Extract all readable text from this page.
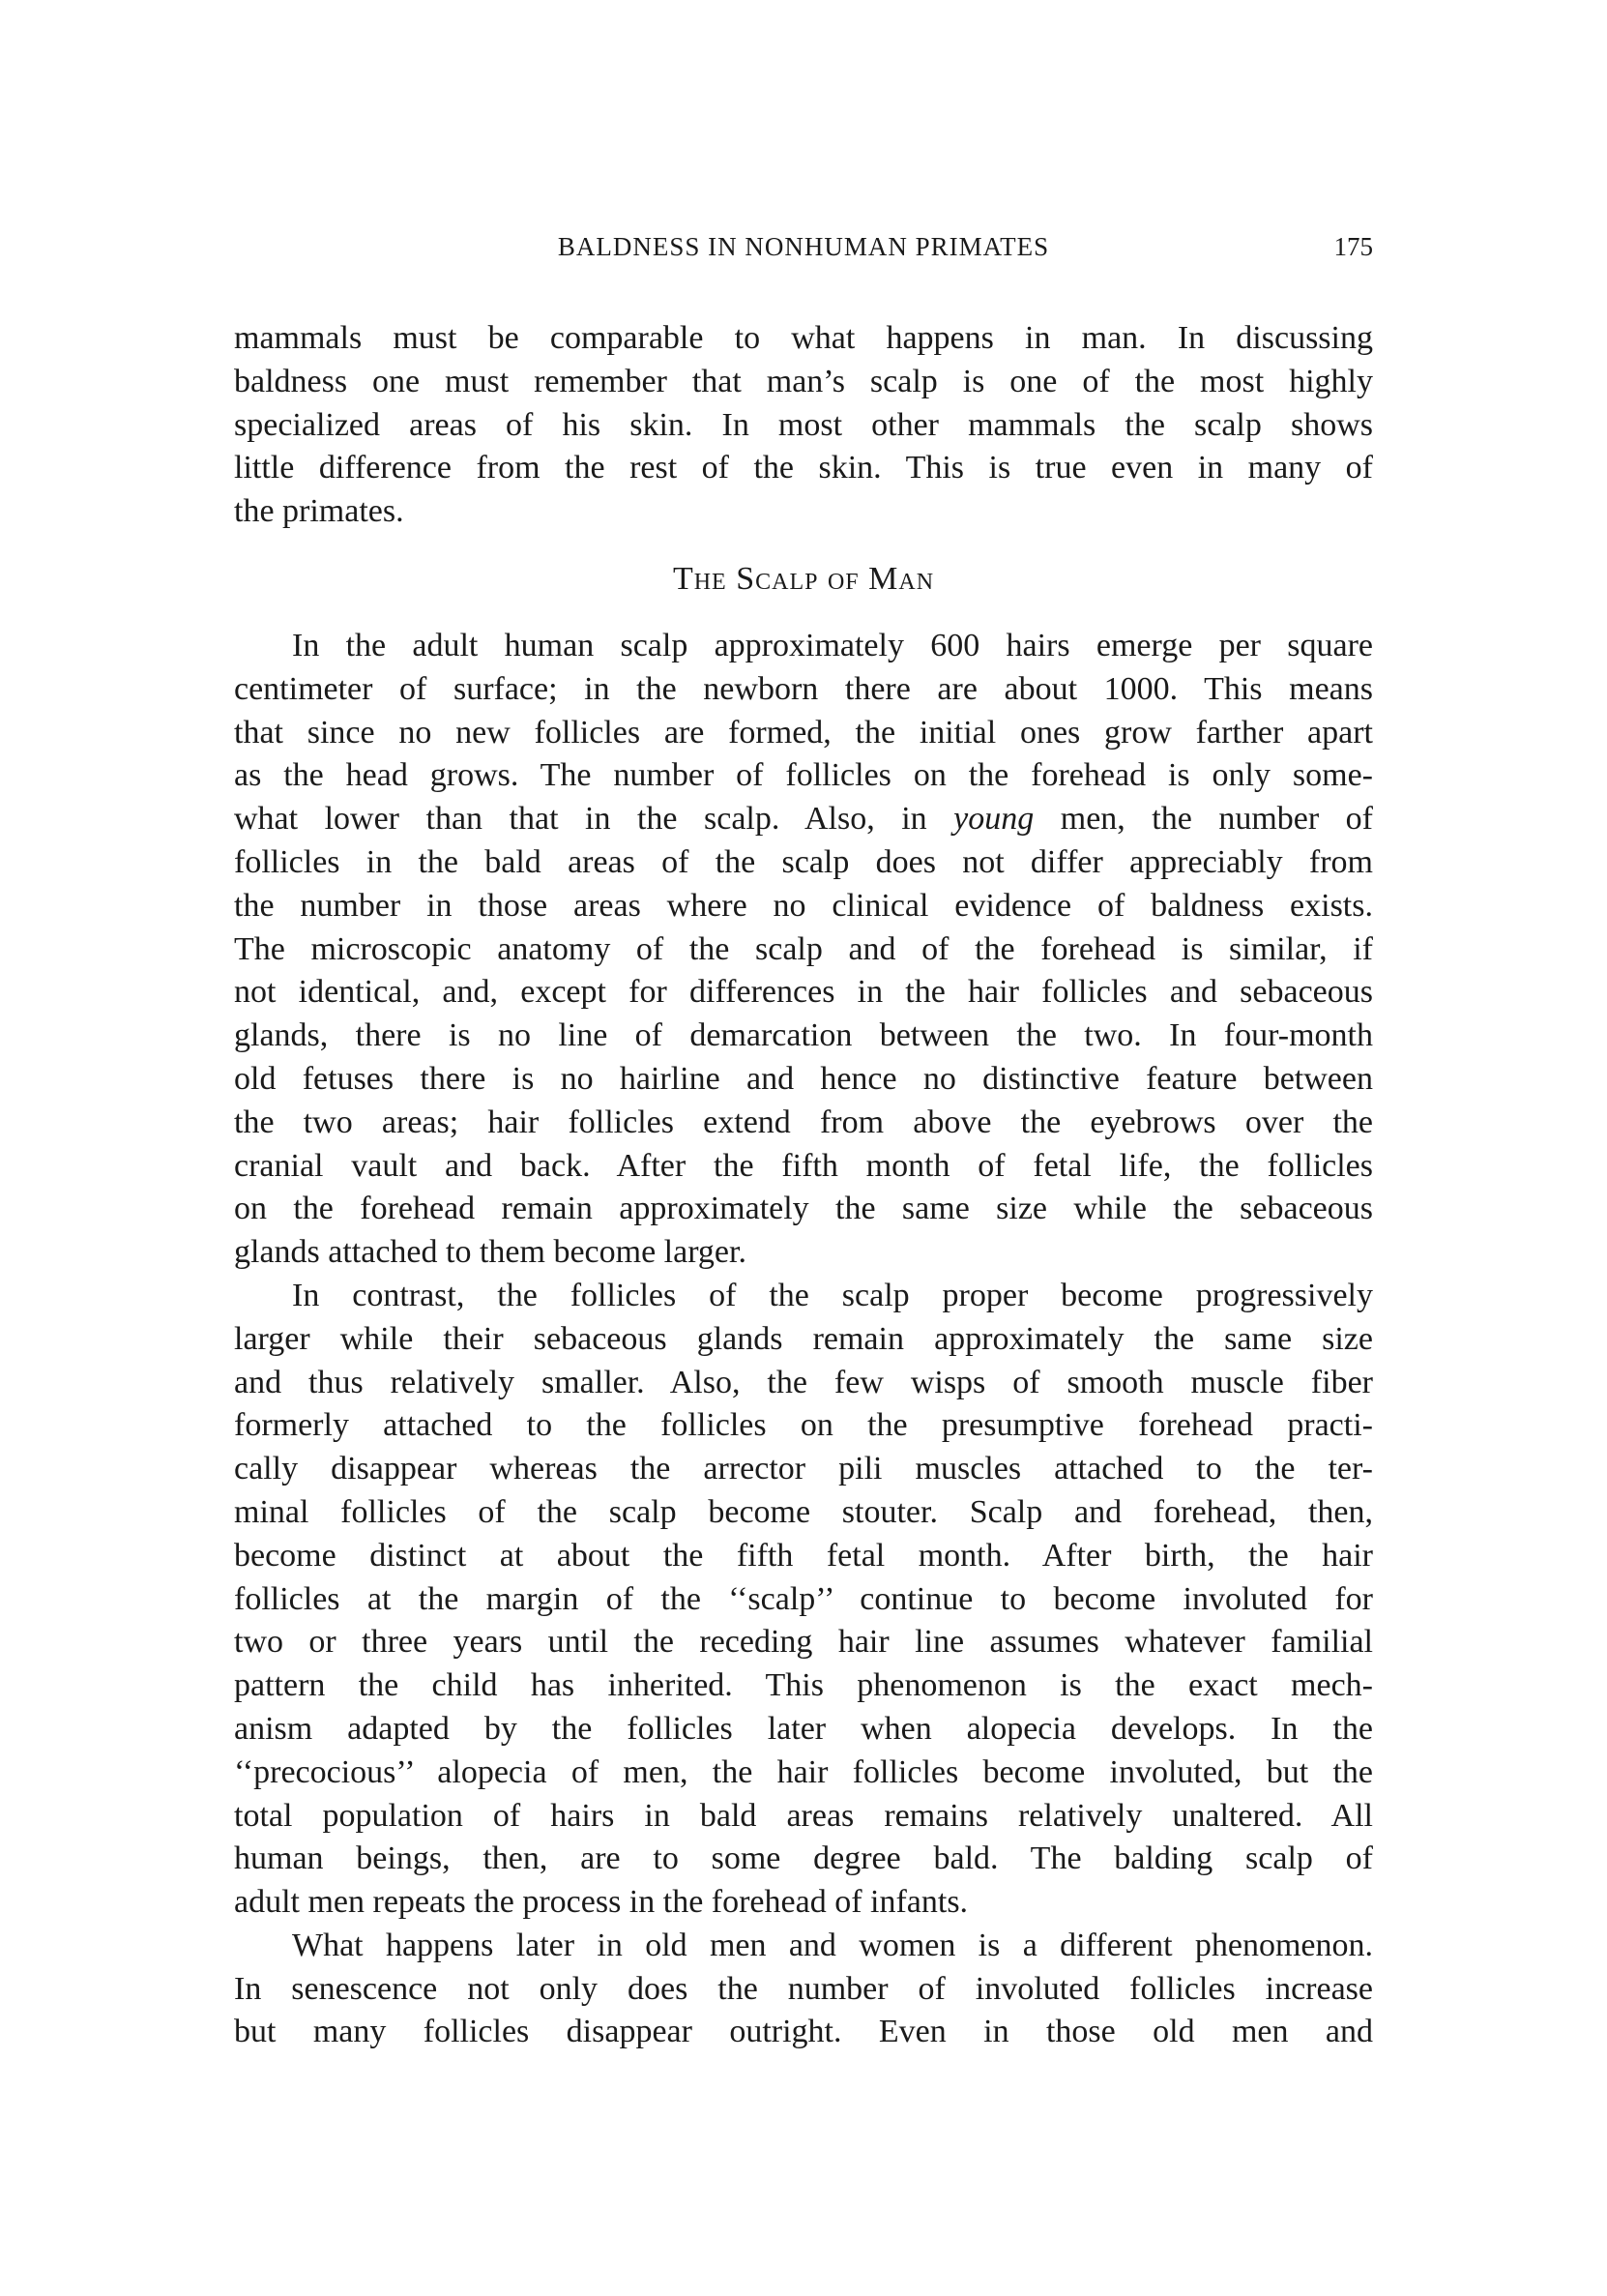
BALDNESS IN NONHUMAN PRIMATES	175
mammals must be comparable to what happens in man. In discussing
baldness one must remember that man’s scalp is one of the most highly
specialized areas of his skin. In most other mammals the scalp shows
little difference from the rest of the skin. This is true even in many of
the primates.
The Scalp of Man
In the adult human scalp approximately 600 hairs emerge per square
centimeter of surface; in the newborn there are about 1000. This means
that since no new follicles are formed, the initial ones grow farther apart
as the head grows. The number of follicles on the forehead is only some-
what lower than that in the scalp. Also, in young men, the number of
follicles in the bald areas of the scalp does not differ appreciably from
the number in those areas where no clinical evidence of baldness exists.
The microscopic anatomy of the scalp and of the forehead is similar, if
not identical, and, except for differences in the hair follicles and sebaceous
glands, there is no line of demarcation between the two. In four-month
old fetuses there is no hairline and hence no distinctive feature between
the two areas; hair follicles extend from above the eyebrows over the
cranial vault and back. After the fifth month of fetal life, the follicles
on the forehead remain approximately the same size while the sebaceous
glands attached to them become larger.
In contrast, the follicles of the scalp proper become progressively
larger while their sebaceous glands remain approximately the same size
and thus relatively smaller. Also, the few wisps of smooth muscle fiber
formerly attached to the follicles on the presumptive forehead practi-
cally disappear whereas the arrector pili muscles attached to the ter-
minal follicles of the scalp become stouter. Scalp and forehead, then,
become distinct at about the fifth fetal month. After birth, the hair
follicles at the margin of the ‘‘scalp’’ continue to become involuted for
two or three years until the receding hair line assumes whatever familial
pattern the child has inherited. This phenomenon is the exact mech-
anism adapted by the follicles later when alopecia develops. In the
‘‘precocious’’ alopecia of men, the hair follicles become involuted, but the
total population of hairs in bald areas remains relatively unaltered. All
human beings, then, are to some degree bald. The balding scalp of
adult men repeats the process in the forehead of infants.
What happens later in old men and women is a different phenomenon.
In senescence not only does the number of involuted follicles increase
but many follicles disappear outright. Even in those old men and
